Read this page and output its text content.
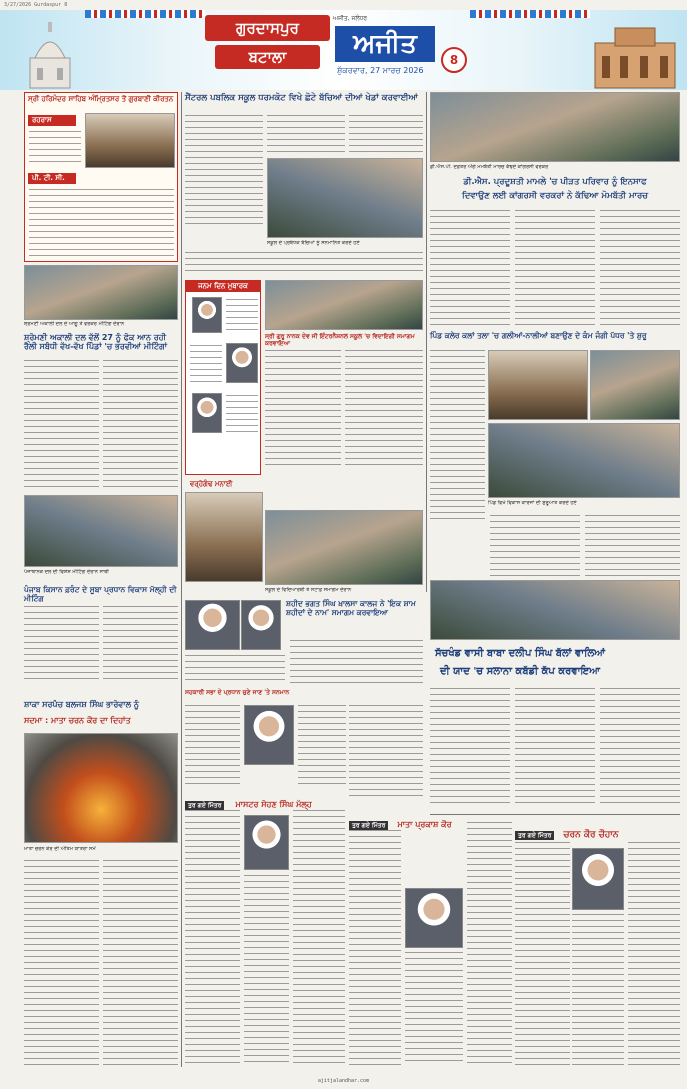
3/27/2026 Gurdaspur 8
ਗੁਰਦਾਸਪੁਰ
ਬਟਾਲਾ
ਅਜੀਤ, ਜਲੰਧਰ
ਅਜੀਤ
8
ਸ਼ੁੱਕਰਵਾਰ, 27 ਮਾਰਚ 2026
ਸ੍ਰੀ ਹਰਿਮੰਦਰ ਸਾਹਿਬ ਅੰਮ੍ਰਿਤਸਰ ਤੋਂ ਗੁਰਬਾਣੀ ਕੀਰਤਨ
ਰਹਰਾਸ
ਪੀ. ਟੀ. ਸੀ.
ਸ਼੍ਰੋਮਣੀ ਅਕਾਲੀ ਦਲ ਦੇ ਆਗੂ ਤੇ ਵਰਕਰ ਮੀਟਿੰਗ ਦੌਰਾਨ
ਸ਼੍ਰੋਮਣੀ ਅਕਾਲੀ ਦਲ ਵੱਲੋਂ 27 ਨੂੰ ਫੋਕ ਆਨ ਰਹੀ ਰੈਲੀ ਸਬੰਧੀ ਵੱਖ-ਵੱਖ ਪਿੰਡਾਂ 'ਚ ਭਰਵੀਆਂ ਮੀਟਿੰਗਾਂ
ਪੰਜਾਬਾਨਕ ਦਲ ਦੀ ਵਿਸ਼ੇਸ਼ ਮੀਟਿੰਗ ਦੌਰਾਨ ਸਾਥੀ
ਪੰਜਾਬ ਕਿਸਾਨ ਫ਼ਰੰਟ ਦੇ ਸੂਬਾ ਪ੍ਰਧਾਨ ਵਿਕਾਸ ਮੱਲ੍ਹੀ ਦੀ ਮੀਟਿੰਗ
ਸ਼ਾਕਾ ਸਰਪੰਚ ਬਲਜਸ਼ ਸਿੰਘ ਭਾਰੋਵਾਲ ਨੂੰ
ਸਦਮਾ : ਮਾਤਾ ਚਰਨ ਕੌਰ ਦਾ ਦਿਹਾਂਤ
ਮਾਤਾ ਚਰਨ ਕੌਰ ਦੀ ਅੰਤਿਮ ਯਾਤਰਾ ਸਮੇਂ
ਸੈਂਟਰਲ ਪਬਲਿਕ ਸਕੂਲ ਧਰਮਕੋਟ ਵਿਖੇ ਛੋਟੇ ਬੱਚਿਆਂ ਦੀਆਂ ਖੇਡਾਂ ਕਰਵਾਈਆਂ
ਸਕੂਲ ਦੇ ਪ੍ਰਬੰਧਕ ਬੱਚਿਆਂ ਨੂੰ ਸਨਮਾਨਿਤ ਕਰਦੇ ਹੋਏ
ਜਨਮ ਦਿਨ ਮੁਬਾਰਕ
ਸ੍ਰੀ ਗੁਰੂ ਨਾਨਕ ਦੇਵ ਜੀ ਇੰਟਰਨੈਸ਼ਨਲ ਸਕੂਲ 'ਚ ਵਿਦਾਇਗੀ ਸਮਾਗਮ ਕਰਵਾਇਆ
ਵਰ੍ਹੇਗੰਢ ਮਨਾਈ
ਸਕੂਲ ਦੇ ਵਿਦਿਆਰਥੀ ਤੇ ਸਟਾਫ਼ ਸਮਾਗਮ ਦੌਰਾਨ
ਸ਼ਹੀਦ ਭਗਤ ਸਿੰਘ ਖ਼ਾਲਸਾ ਕਾਲਜ ਨੇ 'ਇਕ ਸ਼ਾਮ ਸ਼ਹੀਦਾਂ ਦੇ ਨਾਮ' ਸਮਾਗਮ ਕਰਵਾਇਆ
ਸਹਕਾਰੀ ਸਭਾ ਦੇ ਪ੍ਰਧਾਨ ਚੁਣੇ ਜਾਣ 'ਤੇ ਸਨਮਾਨ
ਤੁਰ ਗਏ ਮਿੱਤਰ ਮਾਸਟਰ ਸੋਹਣ ਸਿੰਘ ਮੱਲ੍ਹ
ਤੁਰ ਗਏ ਮਿੱਤਰ ਮਾਤਾ ਪ੍ਰਕਾਸ਼ ਕੌਰ
ਡੀ.ਐਸ.ਪੀ. ਦਫ਼ਤਰ ਅੱਗੇ ਮੋਮਬੱਤੀ ਮਾਰਚ ਕੱਢਦੇ ਕਾਂਗਰਸੀ ਵਰਕਰ
ਡੀ.ਐਸ. ਪ੍ਰਦੂਸ਼ਤੀ ਮਾਮਲੇ 'ਚ ਪੀੜਤ ਪਰਿਵਾਰ ਨੂੰ ਇਨਸਾਫ
ਦਿਵਾਉਣ ਲਈ ਕਾਂਗਰਸੀ ਵਰਕਰਾਂ ਨੇ ਕੱਢਿਆ ਮੋਮਬੱਤੀ ਮਾਰਚ
ਪਿੰਡ ਕਲੇਰ ਕਲਾਂ ਤਲਾ 'ਚ ਗਲੀਆਂ-ਨਾਲੀਆਂ ਬਣਾਉਣ ਦੇ ਕੰਮ ਜੰਗੀ ਪੱਧਰ 'ਤੇ ਸ਼ੁਰੂ
ਪਿੰਡ ਵਿਖੇ ਵਿਕਾਸ ਕਾਰਜਾਂ ਦੀ ਸ਼ੁਰੂਆਤ ਕਰਦੇ ਹੋਏ
ਸੱਚਖੰਡ ਵਾਸੀ ਬਾਬਾ ਦਲੀਪ ਸਿੰਘ ਬੱਲਾਂ ਵਾਲਿਆਂ
ਦੀ ਯਾਦ 'ਚ ਸਲਾਨਾ ਕਬੱਡੀ ਕੱਪ ਕਰਵਾਇਆ
ਤੁਰ ਗਏ ਮਿੱਤਰ ਚਰਨ ਕੌਰ ਚੌਹਾਨ
ajitjalandhar.com
